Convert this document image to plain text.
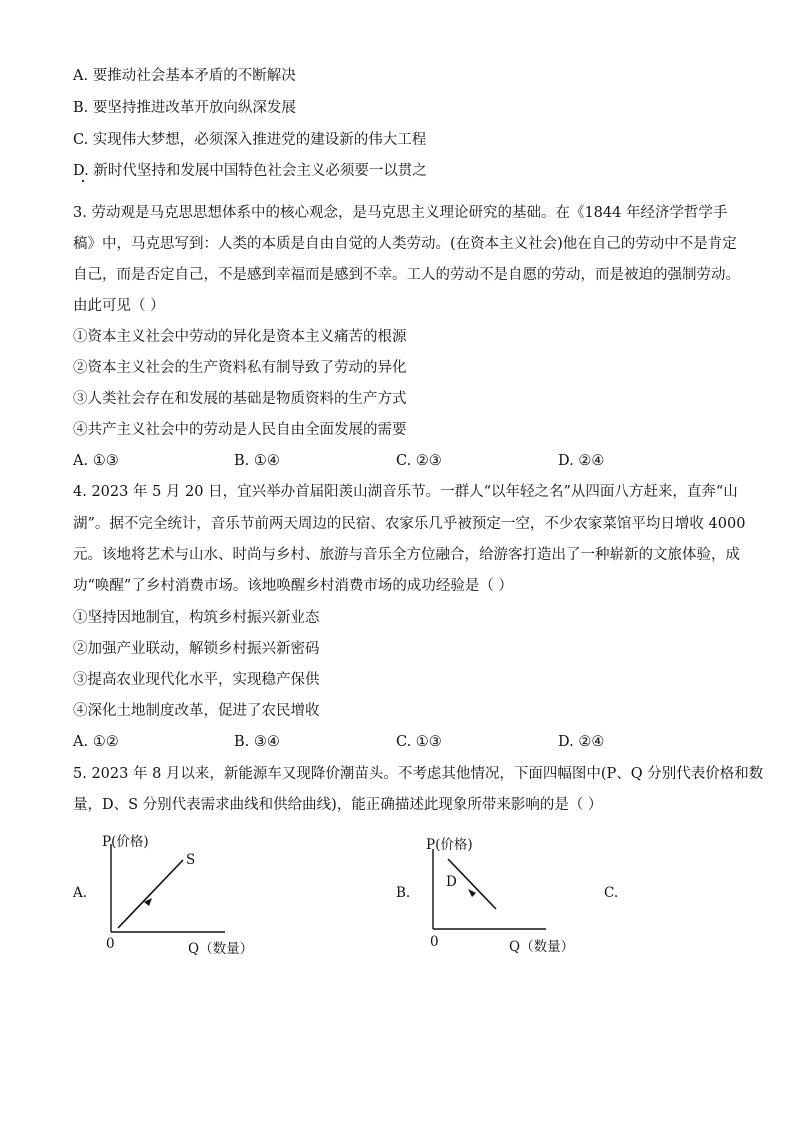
A. 要推动社会基本矛盾的不断解决
B. 要坚持推进改革开放向纵深发展
C. 实现伟大梦想，必须深入推进党的建设新的伟大工程
D. 新时代坚持和发展中国特色社会主义必须要一以贯之
3. 劳动观是马克思思想体系中的核心观念，是马克思主义理论研究的基础。在《1844 年经济学哲学手
稿》中，马克思写到：人类的本质是自由自觉的人类劳动。(在资本主义社会)他在自己的劳动中不是肯定
自己，而是否定自己，不是感到幸福而是感到不幸。工人的劳动不是自愿的劳动，而是被迫的强制劳动。
由此可见（ ）
①资本主义社会中劳动的异化是资本主义痛苦的根源
②资本主义社会的生产资料私有制导致了劳动的异化
③人类社会存在和发展的基础是物质资料的生产方式
④共产主义社会中的劳动是人民自由全面发展的需要
A. ①③	B. ①④	C. ②③	D. ②④
4. 2023 年 5 月 20 日，宜兴举办首届阳羡山湖音乐节。一群人“以年轻之名”从四面八方赶来，直奔“山
湖”。据不完全统计，音乐节前两天周边的民宿、农家乐几乎被预定一空，不少农家菜馆平均日增收 4000
元。该地将艺术与山水、时尚与乡村、旅游与音乐全方位融合，给游客打造出了一种崭新的文旅体验，成
功“唤醒”了乡村消费市场。该地唤醒乡村消费市场的成功经验是（ ）
①坚持因地制宜，构筑乡村振兴新业态
②加强产业联动，解锁乡村振兴新密码
③提高农业现代化水平，实现稳产保供
④深化土地制度改革，促进了农民增收
A. ①②	B. ③④	C. ①③	D. ②④
5. 2023 年 8 月以来，新能源车又现降价潮苗头。不考虑其他情况，下面四幅图中(P、Q 分别代表价格和数
量，D、S 分别代表需求曲线和供给曲线)，能正确描述此现象所带来影响的是（ ）
A.
P(价格)
S
0	Q（数量）
B.
P(价格)
D
0	Q（数量）
C.
